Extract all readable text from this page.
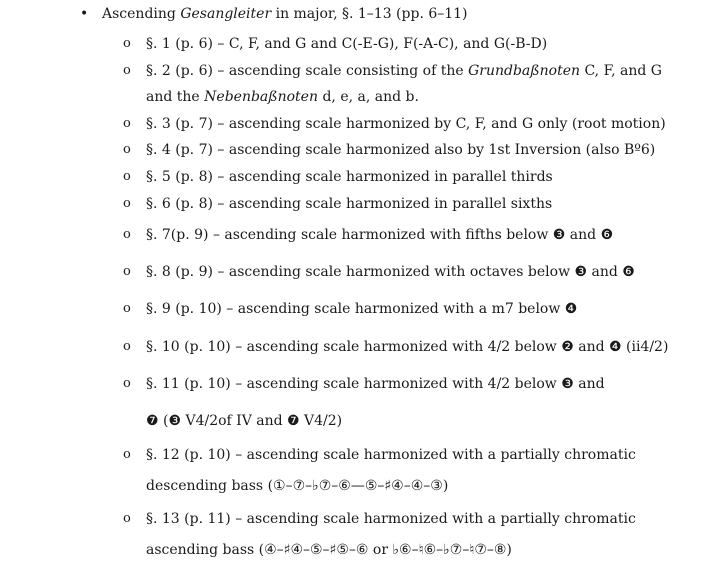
• Ascending Gesangleiter in major, §. 1–13 (pp. 6–11)
o §. 1 (p. 6) – C, F, and G and C(-E-G), F(-A-C), and G(-B-D)
o §. 2 (p. 6) – ascending scale consisting of the Grundbaßnoten C, F, and G
and the Nebenbaßnoten d, e, a, and b.
o §. 3 (p. 7) – ascending scale harmonized by C, F, and G only (root motion)
o §. 4 (p. 7) – ascending scale harmonized also by 1st Inversion (also Bº6)
o §. 5 (p. 8) – ascending scale harmonized in parallel thirds
o §. 6 (p. 8) – ascending scale harmonized in parallel sixths
o §. 7(p. 9) – ascending scale harmonized with fifths below ❸ and ❻
o §. 8 (p. 9) – ascending scale harmonized with octaves below ❸ and ❻
o §. 9 (p. 10) – ascending scale harmonized with a m7 below ❹
o §. 10 (p. 10) – ascending scale harmonized with 4/2 below ❷ and ❹ (ii4/2)
o §. 11 (p. 10) – ascending scale harmonized with 4/2 below ❸ and
❼ (❸ V4/2of IV and ❼ V4/2)
o §. 12 (p. 10) – ascending scale harmonized with a partially chromatic
descending bass (①–⑦–♭⑦–⑥—⑤–♯④–④–③)
o §. 13 (p. 11) – ascending scale harmonized with a partially chromatic
ascending bass (④–♯④–⑤–♯⑤–⑥ or ♭⑥–♮⑥–♭⑦–♮⑦–⑧)
